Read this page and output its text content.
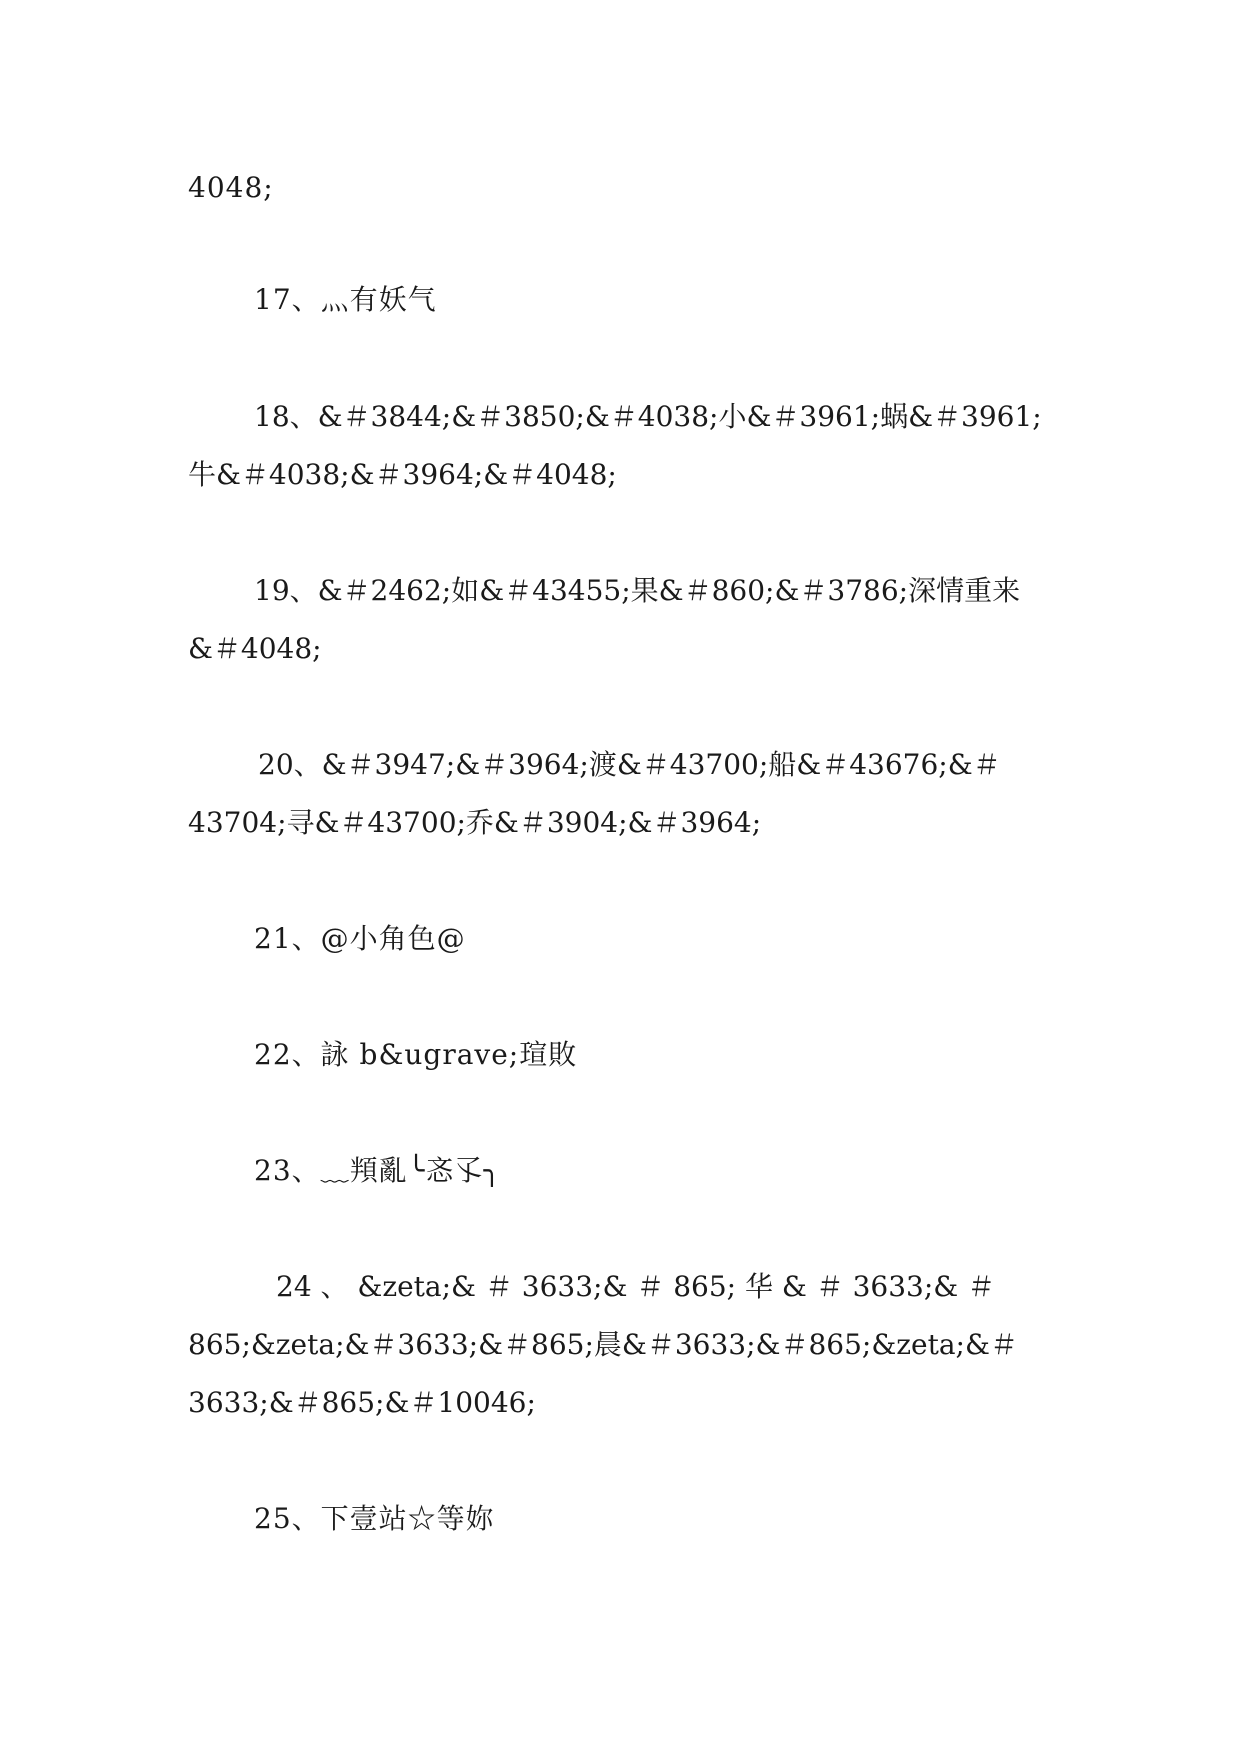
4048;
17、灬有妖气
18、&＃3844;&＃3850;&＃4038;小&＃3961;蜗&＃3961;
牛&＃4038;&＃3964;&＃4048;
19、&＃2462;如&＃43455;果&＃860;&＃3786;深情重来
&＃4048;
20、&＃3947;&＃3964;渡&＃43700;船&＃43676;&＃
43704;寻&＃43700;乔&＃3904;&＃3964;
21、@小角色@
22、詠 b&ugrave;瑄敗
23、﹏頖亂╰忞孓╮
24 、 &zeta;& ＃ 3633;& ＃ 865; 华 & ＃ 3633;& ＃
865;&zeta;&＃3633;&＃865;晨&＃3633;&＃865;&zeta;&＃
3633;&＃865;&＃10046;
25、下壹站☆等妳
